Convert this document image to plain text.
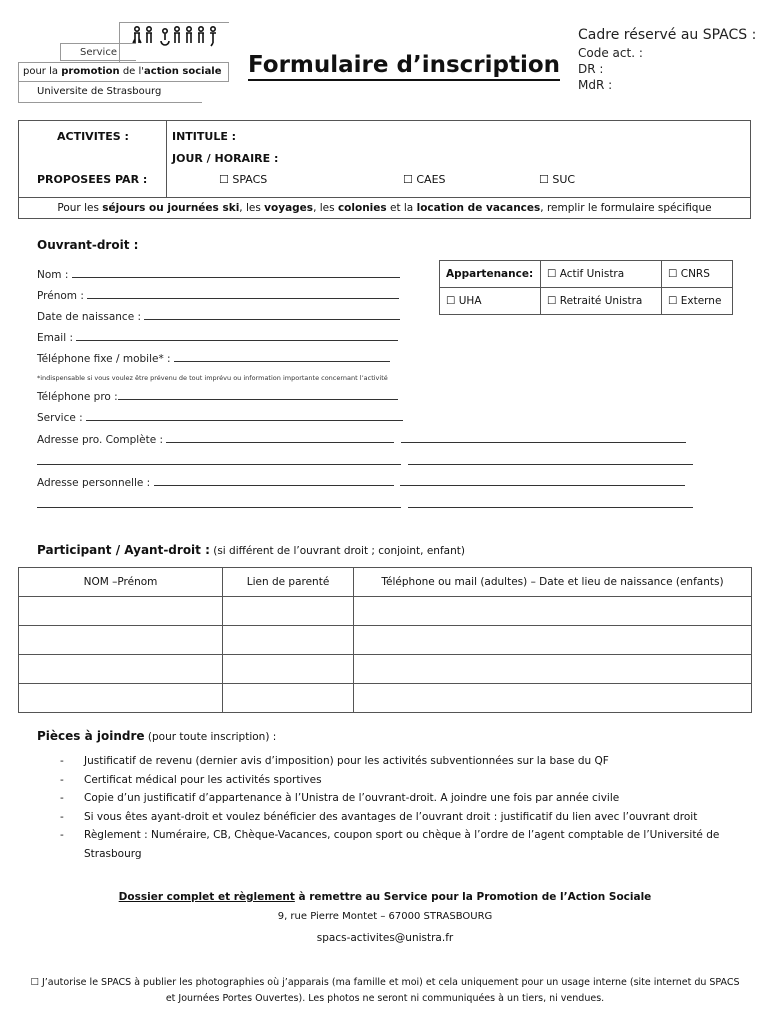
Service
pour la promotion de l'action sociale
Universite de Strasbourg
Formulaire d’inscription
Cadre réservé au SPACS :
Code act. :
DR :
MdR :
ACTIVITES :
PROPOSEES PAR :
INTITULE :
JOUR / HORAIRE :
☐ SPACS	☐ CAES	☐ SUC
Pour les séjours ou journées ski, les voyages, les colonies et la location de vacances, remplir le formulaire spécifique
Ouvrant-droit :
Nom :
Prénom :
Date de naissance :
Email :
Téléphone fixe / mobile* :
*indispensable si vous voulez être prévenu de tout imprévu ou information importante concernant l’activité
Téléphone pro :
Service :
Adresse pro. Complète :

Adresse personnelle :

Appartenance:	☐ Actif Unistra	☐ CNRS
☐ UHA	☐ Retraité Unistra	☐ Externe
Participant / Ayant-droit : (si différent de l’ouvrant droit ; conjoint, enfant)
NOM –Prénom	Lien de parenté	Téléphone ou mail (adultes) – Date et lieu de naissance (enfants)

Pièces à joindre (pour toute inscription) :
- Justificatif de revenu (dernier avis d’imposition) pour les activités subventionnées sur la base du QF
- Certificat médical pour les activités sportives
- Copie d’un justificatif d’appartenance à l’Unistra de l’ouvrant-droit. A joindre une fois par année civile
- Si vous êtes ayant-droit et voulez bénéficier des avantages de l’ouvrant droit : justificatif du lien avec l’ouvrant droit
- Règlement : Numéraire, CB, Chèque-Vacances, coupon sport ou chèque à l’ordre de l’agent comptable de l’Université de Strasbourg
Dossier complet et règlement à remettre au Service pour la Promotion de l’Action Sociale
9, rue Pierre Montet – 67000 STRASBOURG
spacs-activites@unistra.fr
☐ J’autorise le SPACS à publier les photographies où j’apparais (ma famille et moi) et cela uniquement pour un usage interne (site internet du SPACS et Journées Portes Ouvertes). Les photos ne seront ni communiquées à un tiers, ni vendues.
